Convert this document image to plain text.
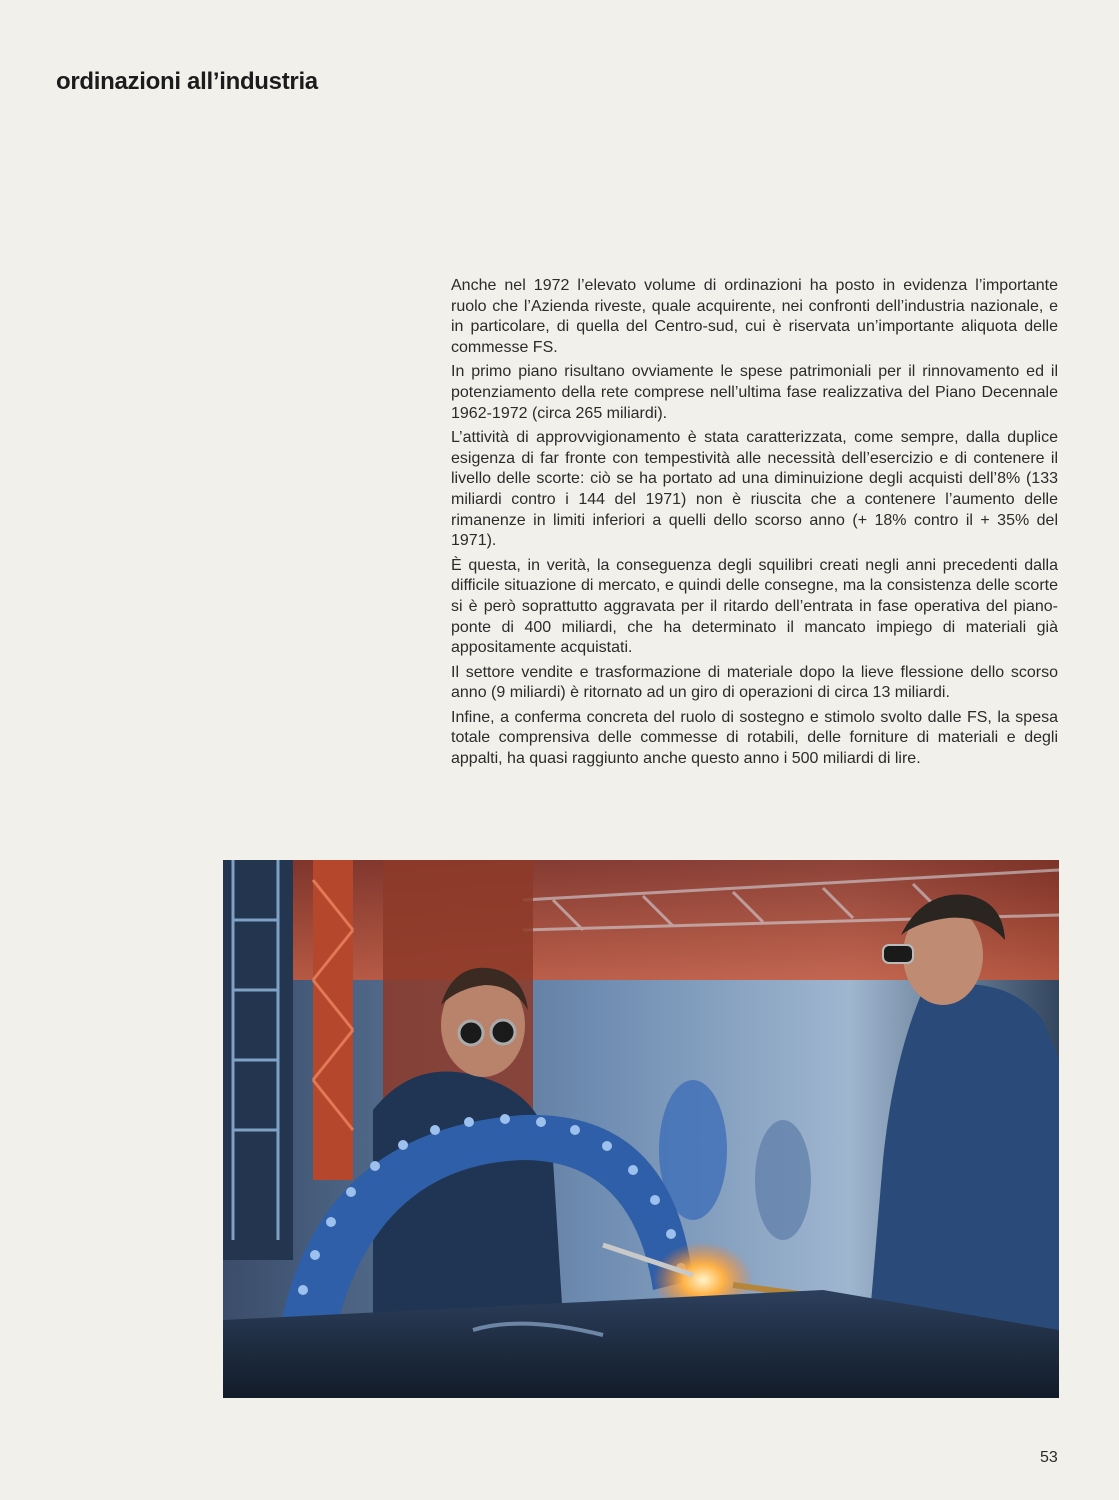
ordinazioni all’industria

Anche nel 1972 l’elevato volume di ordinazioni ha posto in evidenza l’importante ruolo che l’Azienda riveste, quale acquirente, nei confronti dell’industria nazionale, e in particolare, di quella del Centro-sud, cui è riservata un’importante aliquota delle commesse FS.

In primo piano risultano ovviamente le spese patrimoniali per il rinnovamento ed il potenziamento della rete comprese nell’ultima fase realizzativa del Piano Decennale 1962-1972 (circa 265 miliardi).

L’attività di approvvigionamento è stata caratterizzata, come sempre, dalla duplice esigenza di far fronte con tempestività alle necessità dell’esercizio e di contenere il livello delle scorte: ciò se ha portato ad una diminuizione degli acquisti dell’8% (133 miliardi contro i 144 del 1971) non è riuscita che a contenere l’aumento delle rimanenze in limiti inferiori a quelli dello scorso anno (+ 18% contro il + 35% del 1971).

È questa, in verità, la conseguenza degli squilibri creati negli anni precedenti dalla difficile situazione di mercato, e quindi delle consegne, ma la consistenza delle scorte si è però soprattutto aggravata per il ritardo dell’entrata in fase operativa del piano-ponte di 400 miliardi, che ha determinato il mancato impiego di materiali già appositamente acquistati.

Il settore vendite e trasformazione di materiale dopo la lieve flessione dello scorso anno (9 miliardi) è ritornato ad un giro di operazioni di circa 13 miliardi.

Infine, a conferma concreta del ruolo di sostegno e stimolo svolto dalle FS, la spesa totale comprensiva delle commesse di rotabili, delle forniture di materiali e degli appalti, ha quasi raggiunto anche questo anno i 500 miliardi di lire.

53
